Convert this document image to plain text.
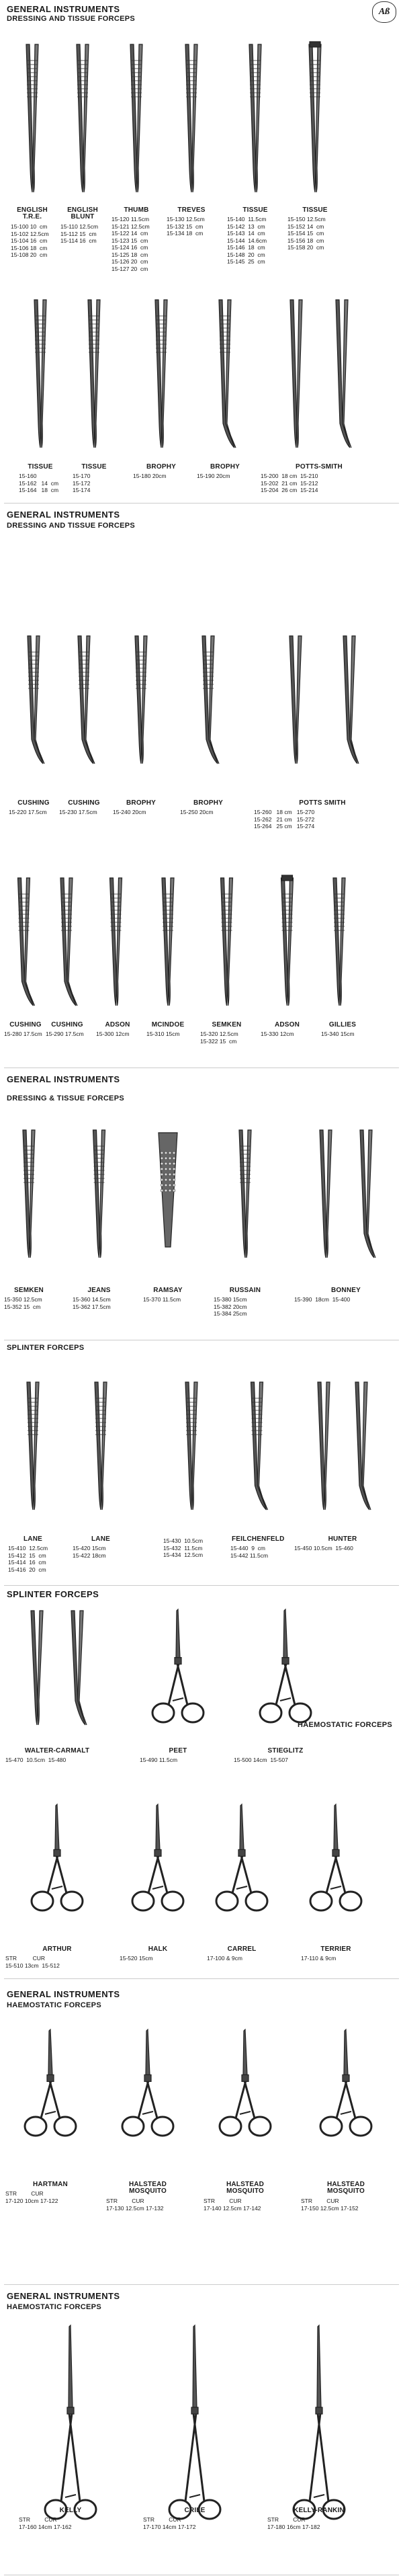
Aß
GENERAL INSTRUMENTS
DRESSING AND TISSUE FORCEPS
ENGLISH
T.R.E.
15-100 10  cm
15-102 12.5cm
15-104 16  cm
15-106 18  cm
15-108 20  cm
ENGLISH
BLUNT
15-110 12.5cm
15-112 15  cm
15-114 16  cm
THUMB
15-120 11.5cm
15-121 12.5cm
15-122 14  cm
15-123 15  cm
15-124 16  cm
15-125 18  cm
15-126 20  cm
15-127 20  cm
TREVES
15-130 12.5cm
15-132 15  cm
15-134 18  cm
TISSUE
15-140  11.5cm
15-142  13  cm
15-143  14  cm
15-144  14.6cm
15-146  18  cm
15-148  20  cm
15-145  25  cm
TISSUE
15-150 12.5cm
15-152 14  cm
15-154 15  cm
15-156 18  cm
15-158 20  cm
TISSUE
15-160
15-162   14  cm
15-164   18  cm
TISSUE
15-170
15-172
15-174
BROPHY
15-180 20cm
BROPHY
15-190 20cm
POTTS-SMITH
15-200  18 cm  15-210
15-202  21 cm  15-212
15-204  26 cm  15-214
GENERAL INSTRUMENTS
DRESSING AND TISSUE FORCEPS
CUSHING
15-220 17.5cm
CUSHING
15-230 17.5cm
BROPHY
15-240 20cm
BROPHY
15-250 20cm
POTTS SMITH
15-260   18 cm   15-270
15-262   21 cm   15-272
15-264   25 cm   15-274
CUSHING
15-280 17.5cm
CUSHING
15-290 17.5cm
ADSON
15-300 12cm
MCINDOE
15-310 15cm
SEMKEN
15-320 12.5cm
15-322 15  cm
ADSON
15-330 12cm
GILLIES
15-340 15cm
GENERAL INSTRUMENTS
DRESSING & TISSUE FORCEPS
SEMKEN
15-350 12.5cm
15-352 15  cm
JEANS
15-360 14.5cm
15-362 17.5cm
RAMSAY
15-370 11.5cm
RUSSAIN
15-380 15cm
15-382 20cm
15-384 25cm
BONNEY
15-390  18cm  15-400
SPLINTER FORCEPS
LANE
15-410  12.5cm
15-412  15  cm
15-414  16  cm
15-416  20  cm
LANE
15-420 15cm
15-422 18cm
15-430  10.5cm
15-432  11.5cm
15-434  12.5cm
FEILCHENFELD
15-440  9  cm
15-442 11.5cm
HUNTER
15-450 10.5cm  15-460
SPLINTER FORCEPS
HAEMOSTATIC FORCEPS
WALTER-CARMALT
15-470  10.5cm  15-480
PEET
15-490 11.5cm
STIEGLITZ
15-500 14cm  15-507
ARTHUR
STR          CUR
15-510 13cm  15-512
HALK
15-520 15cm
CARREL
17-100 & 9cm
TERRIER
17-110 & 9cm
GENERAL INSTRUMENTS
HAEMOSTATIC FORCEPS
HARTMAN
STR         CUR
17-120 10cm 17-122
HALSTEAD
MOSQUITO
STR         CUR
17-130 12.5cm 17-132
HALSTEAD
MOSQUITO
STR         CUR
17-140 12.5cm 17-142
HALSTEAD
MOSQUITO
STR         CUR
17-150 12.5cm 17-152
GENERAL INSTRUMENTS
HAEMOSTATIC FORCEPS
KELLY
STR         CUR
17-160 14cm 17-162
CRILE
STR         CUR
17-170 14cm 17-172
KELLY-RANKIN
STR         CUR
17-180 16cm 17-182
